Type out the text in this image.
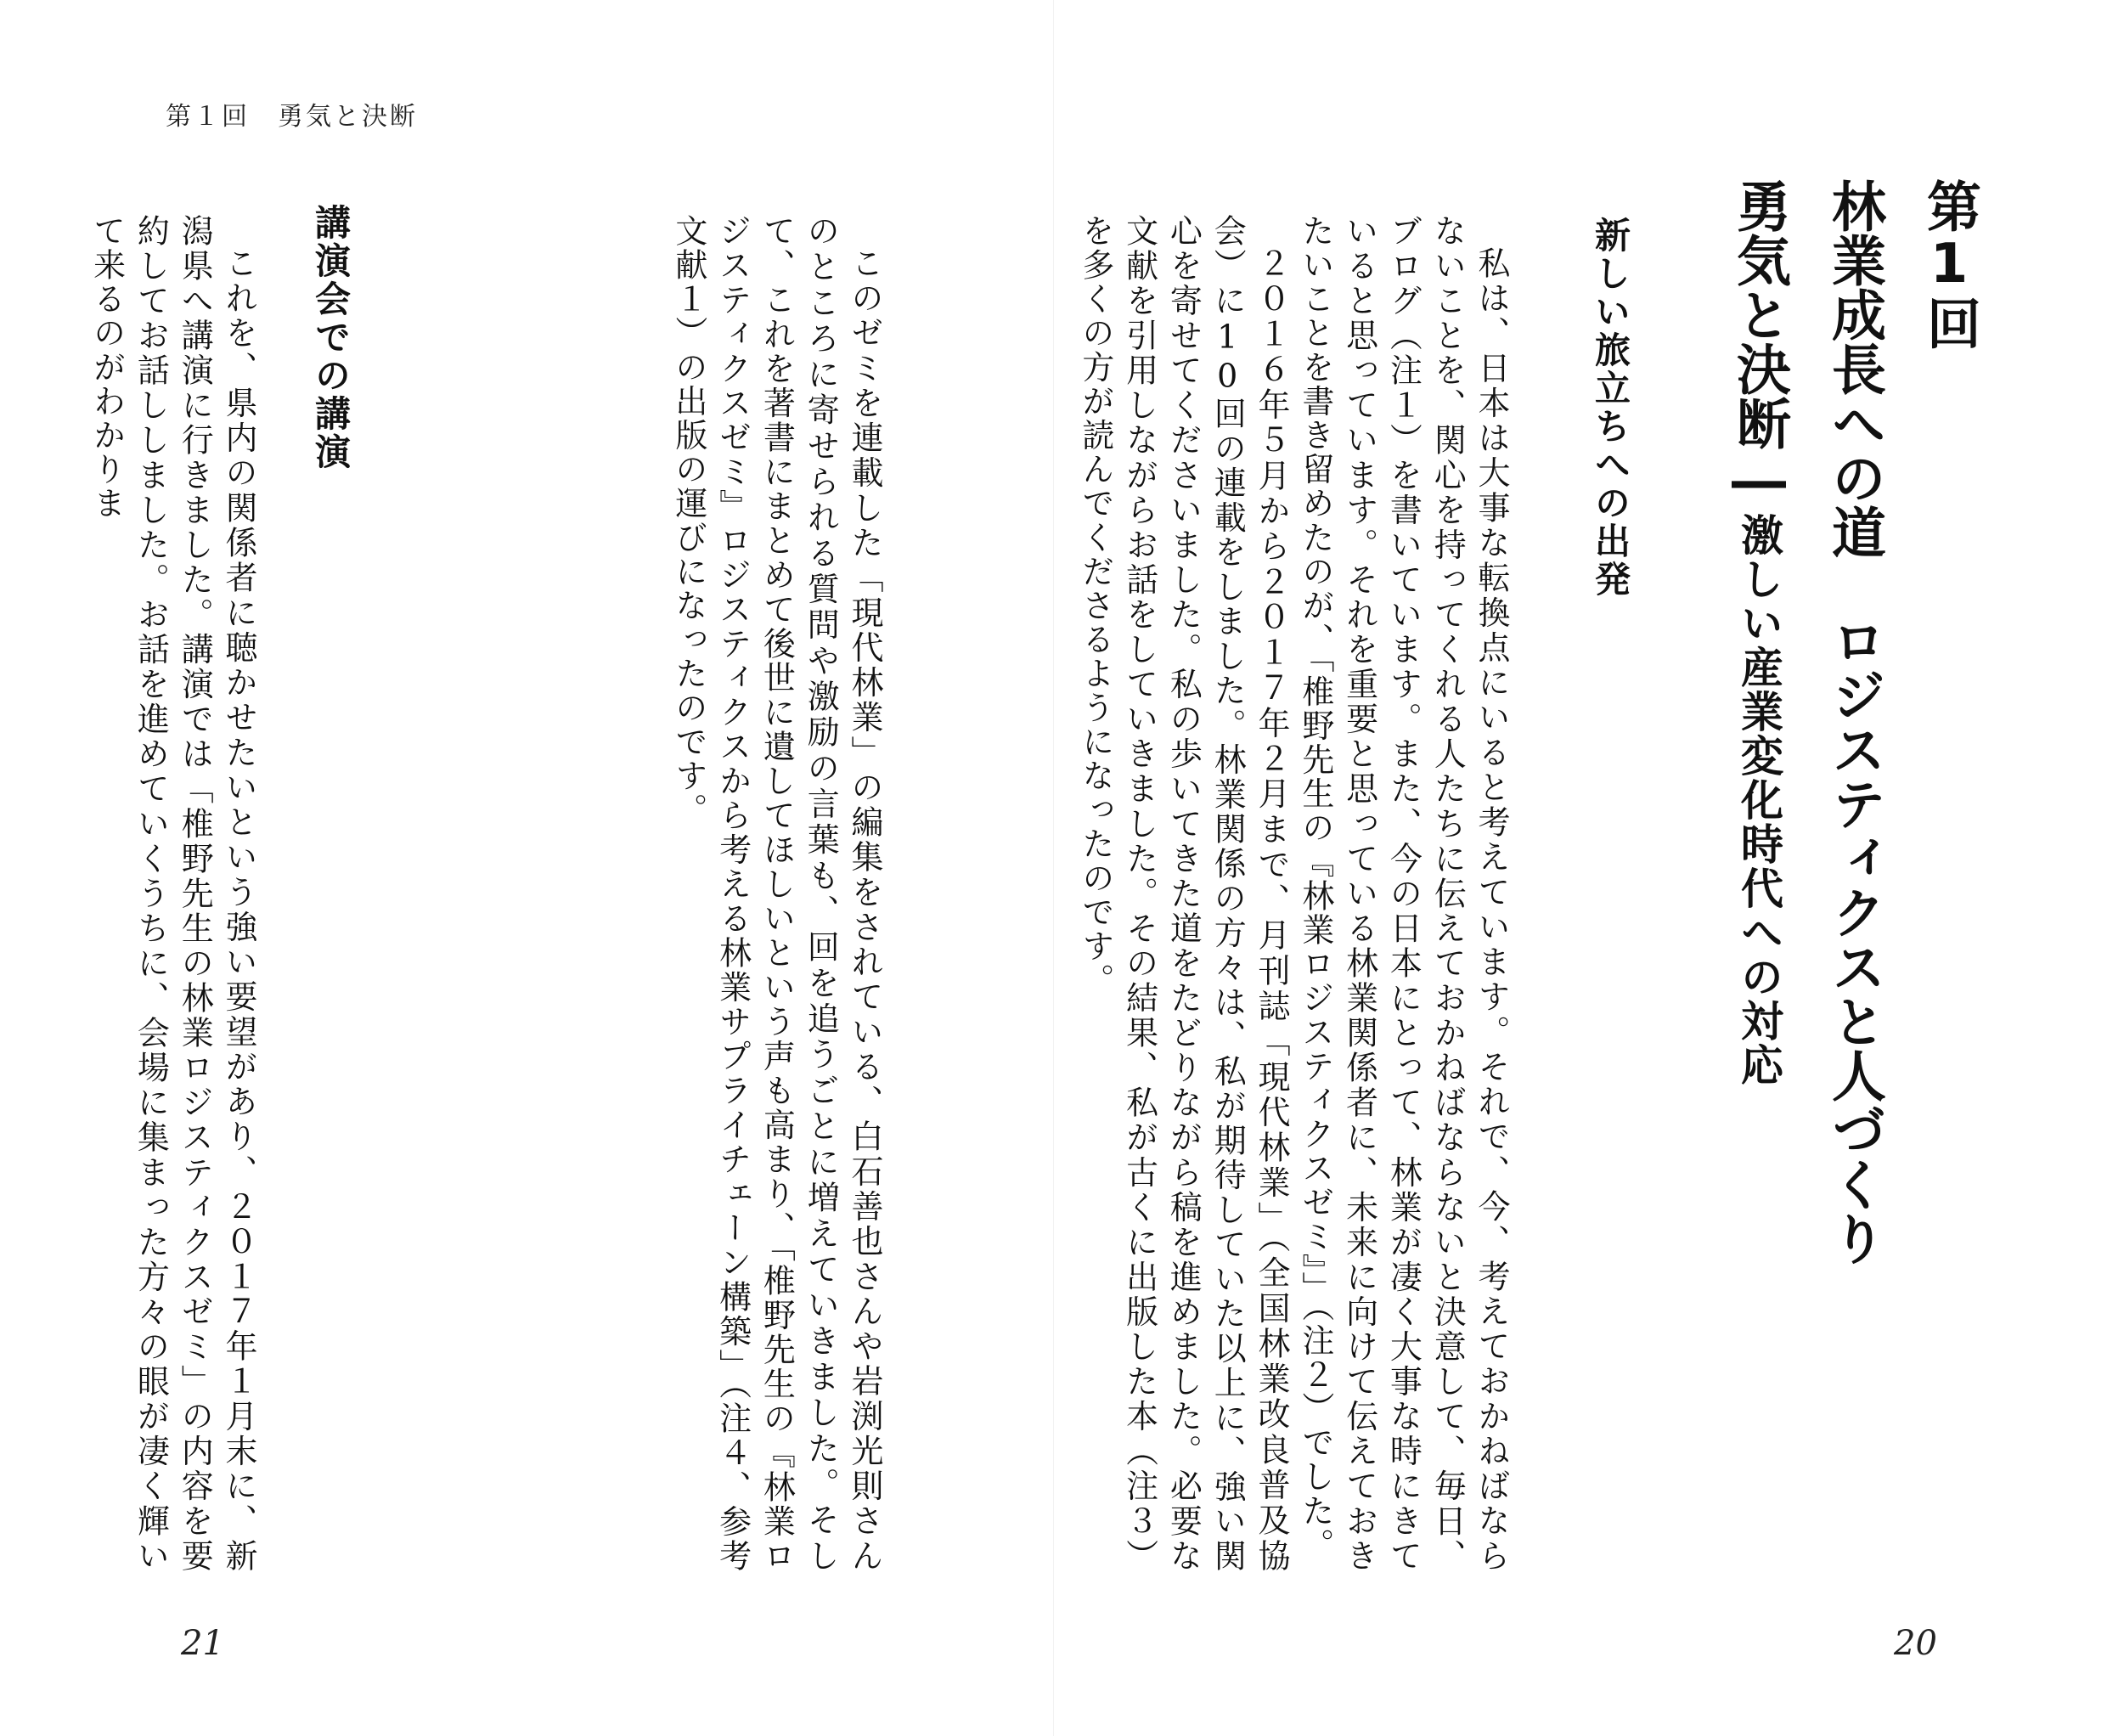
第１回　勇気と決断
第1回
林業成長への道　ロジスティクスと人づくり
勇気と決断―激しい産業変化時代への対応
新しい旅立ちへの出発

私は、日本は大事な転換点にいると考えています。それで、今、考えておかねばならないことを、関心を持ってくれる人たちに伝えておかねばならないと決意して、毎日、ブログ（注１）を書いています。また、今の日本にとって、林業が凄く大事な時にきていると思っています。それを重要と思っている林業関係者に、未来に向けて伝えておきたいことを書き留めたのが、「椎野先生の『林業ロジスティクスゼミ』」（注２）でした。

２０１６年５月から２０１７年２月まで、月刊誌「現代林業」（全国林業改良普及協会）に10回の連載をしました。林業関係の方々は、私が期待していた以上に、強い関心を寄せてくださいました。私の歩いてきた道をたどりながら稿を進めました。必要な文献を引用しながらお話をしていきました。その結果、私が古くに出版した本（注３）を多くの方が読んでくださるようになったのです。

このゼミを連載した「現代林業」の編集をされている、白石善也さんや岩渕光則さんのところに寄せられる質問や激励の言葉も、回を追うごとに増えていきました。そして、これを著書にまとめて後世に遺してほしいという声も高まり、「椎野先生の『林業ロジスティクスゼミ』ロジスティクスから考える林業サプライチェーン構築」（注４、参考文献１）の出版の運びになったのです。

講演会での講演

これを、県内の関係者に聴かせたいという強い要望があり、２０１７年１月末に、新潟県へ講演に行きました。講演では「椎野先生の林業ロジスティクスゼミ」の内容を要約してお話ししました。お話を進めていくうちに、会場に集まった方々の眼が凄く輝いて来るのがわかりま

21	20
